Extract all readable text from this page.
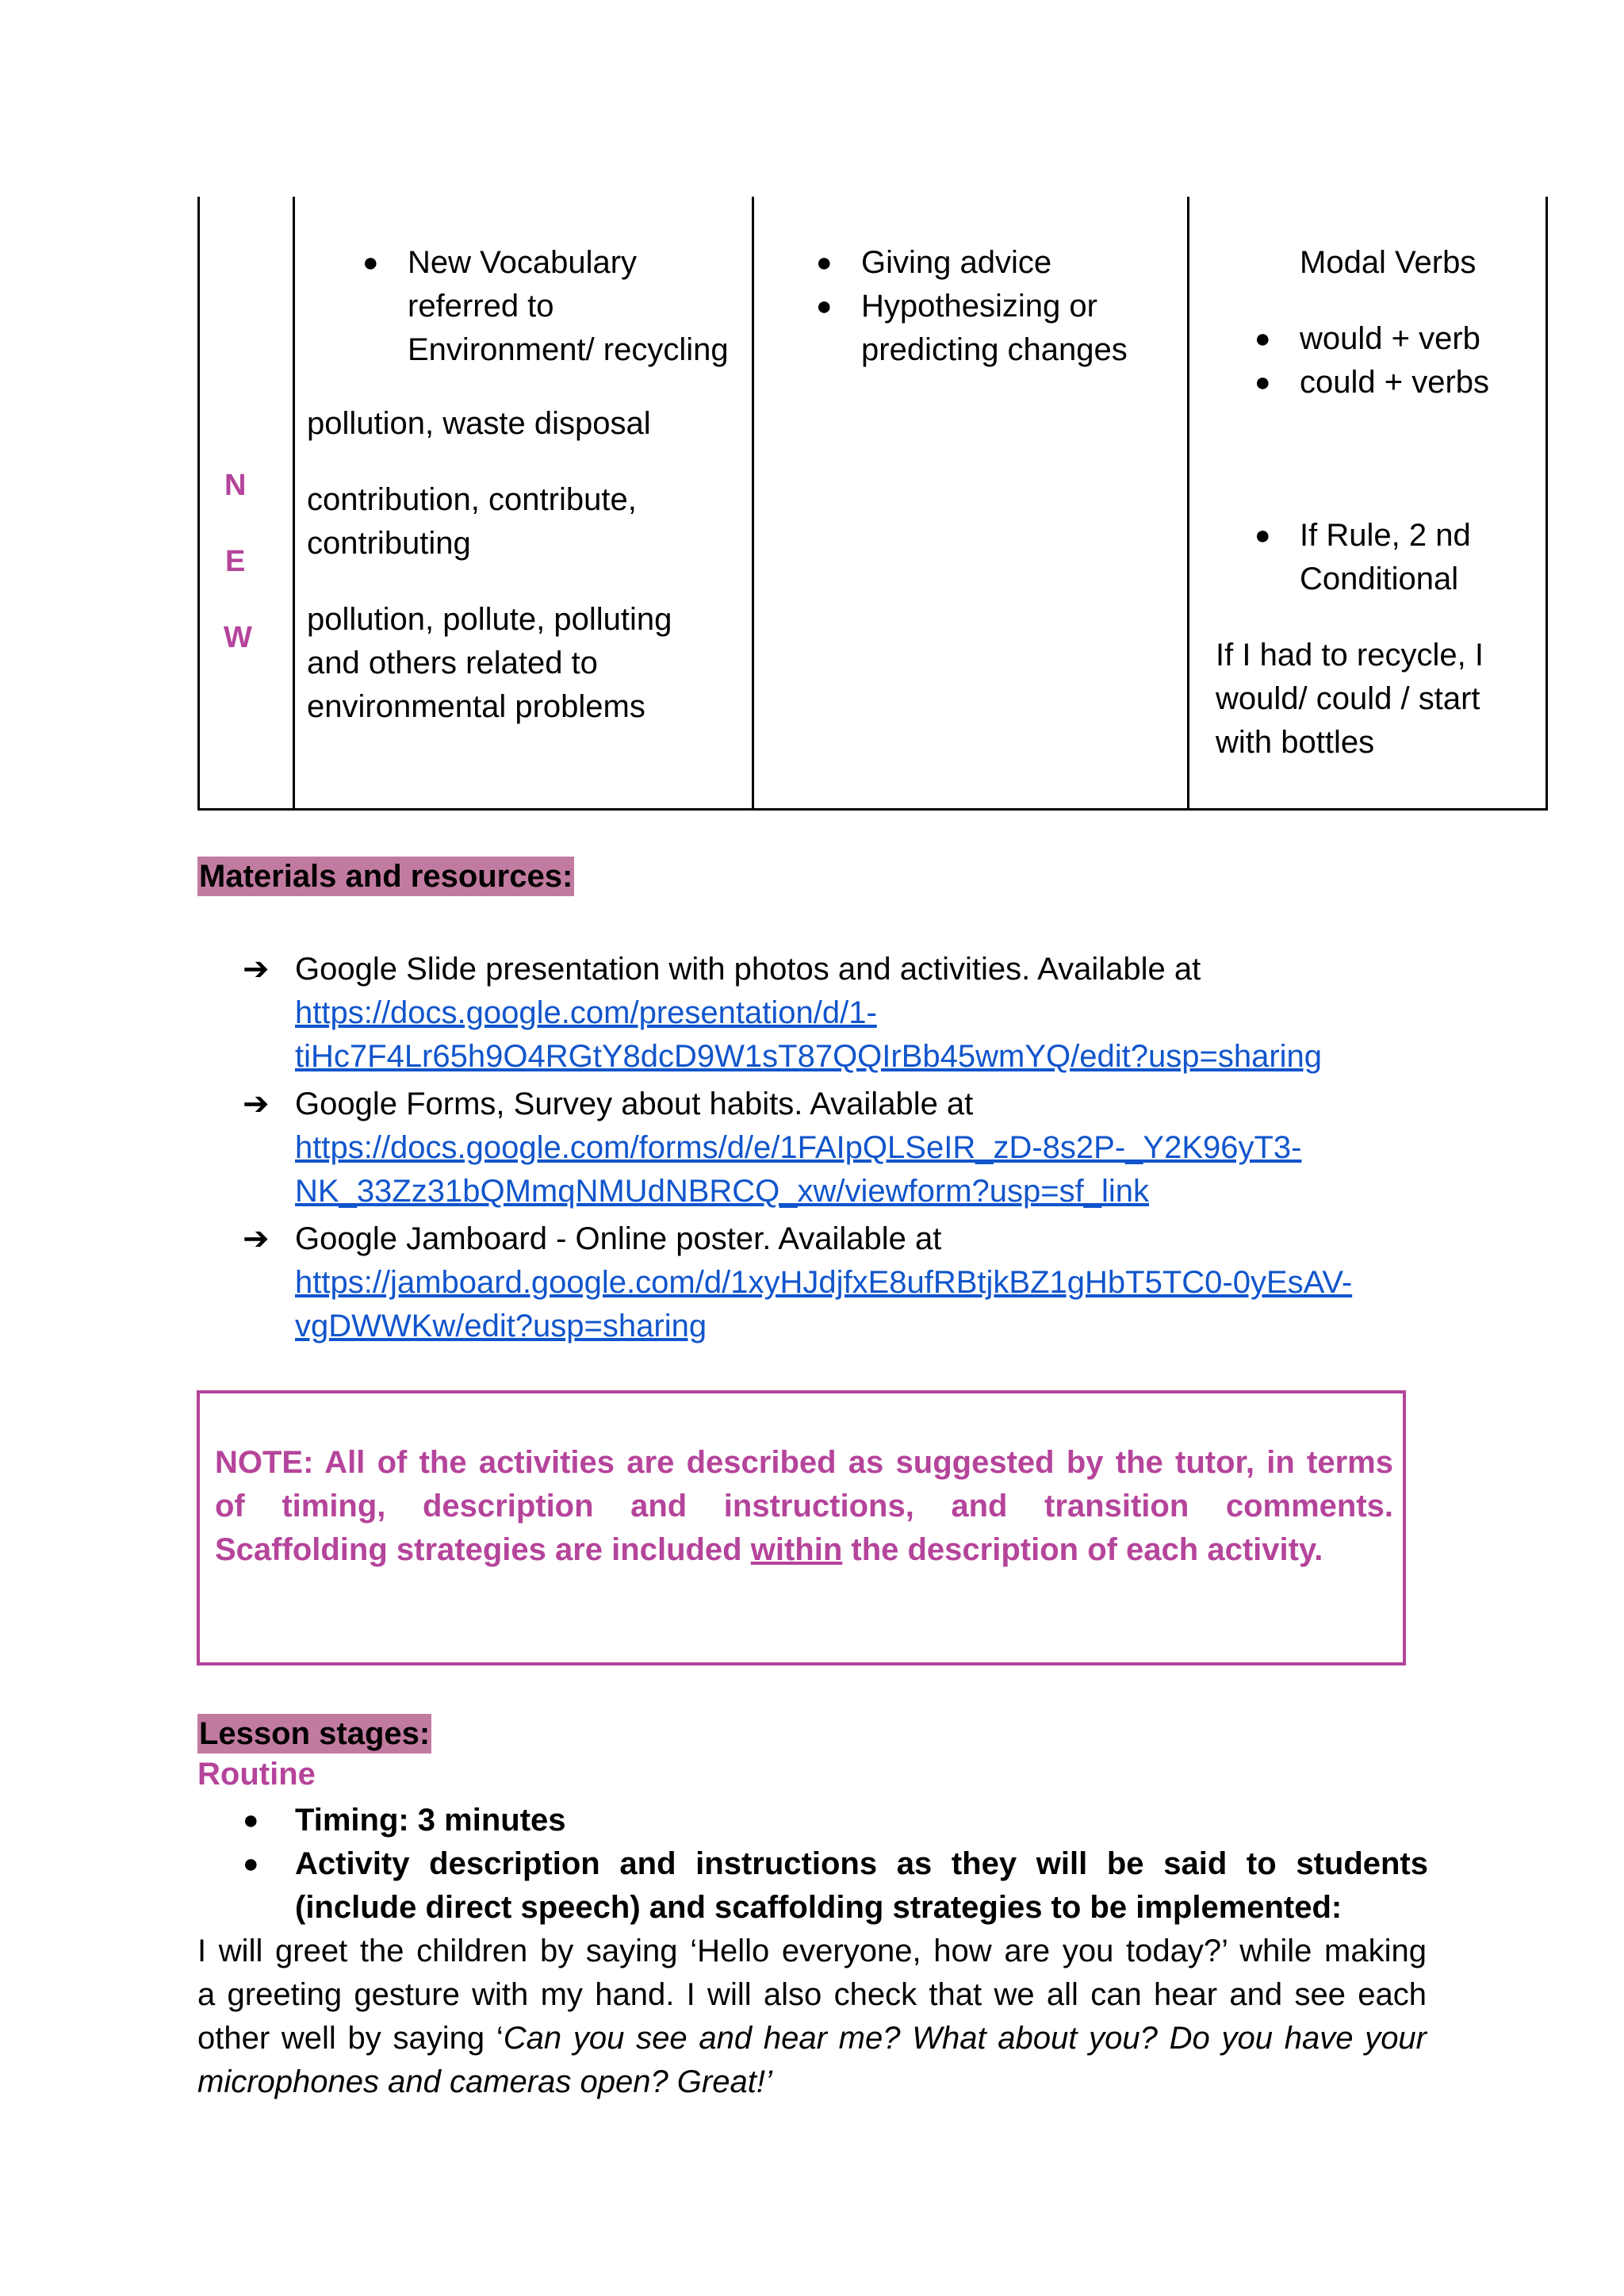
N
E
W
● New Vocabulary
referred to
Environment/ recycling
pollution, waste disposal
contribution, contribute,
contributing
pollution, pollute, polluting
and others related to
environmental problems
● Giving advice
● Hypothesizing or
predicting changes
Modal Verbs
● would + verb
● could + verbs
● If Rule, 2 nd
Conditional
If I had to recycle, I
would/ could / start
with bottles
Materials and resources:
➔ Google Slide presentation with photos and activities. Available at
https://docs.google.com/presentation/d/1-
tiHc7F4Lr65h9O4RGtY8dcD9W1sT87QQIrBb45wmYQ/edit?usp=sharing
➔ Google Forms, Survey about habits. Available at
https://docs.google.com/forms/d/e/1FAIpQLSeIR_zD-8s2P-_Y2K96yT3-
NK_33Zz31bQMmqNMUdNBRCQ_xw/viewform?usp=sf_link
➔ Google Jamboard - Online poster. Available at
https://jamboard.google.com/d/1xyHJdjfxE8ufRBtjkBZ1gHbT5TC0-0yEsAV-
vgDWWKw/edit?usp=sharing
NOTE: All of the activities are described as suggested by the tutor, in terms
of timing, description and instructions, and transition comments.
Scaffolding strategies are included within the description of each activity.
Lesson stages:
Routine
● Timing: 3 minutes
● Activity description and instructions as they will be said to students
(include direct speech) and scaffolding strategies to be implemented:
I will greet the children by saying ‘Hello everyone, how are you today?’ while making
a greeting gesture with my hand. I will also check that we all can hear and see each
other well by saying ‘Can you see and hear me? What about you? Do you have your
microphones and cameras open? Great!’
